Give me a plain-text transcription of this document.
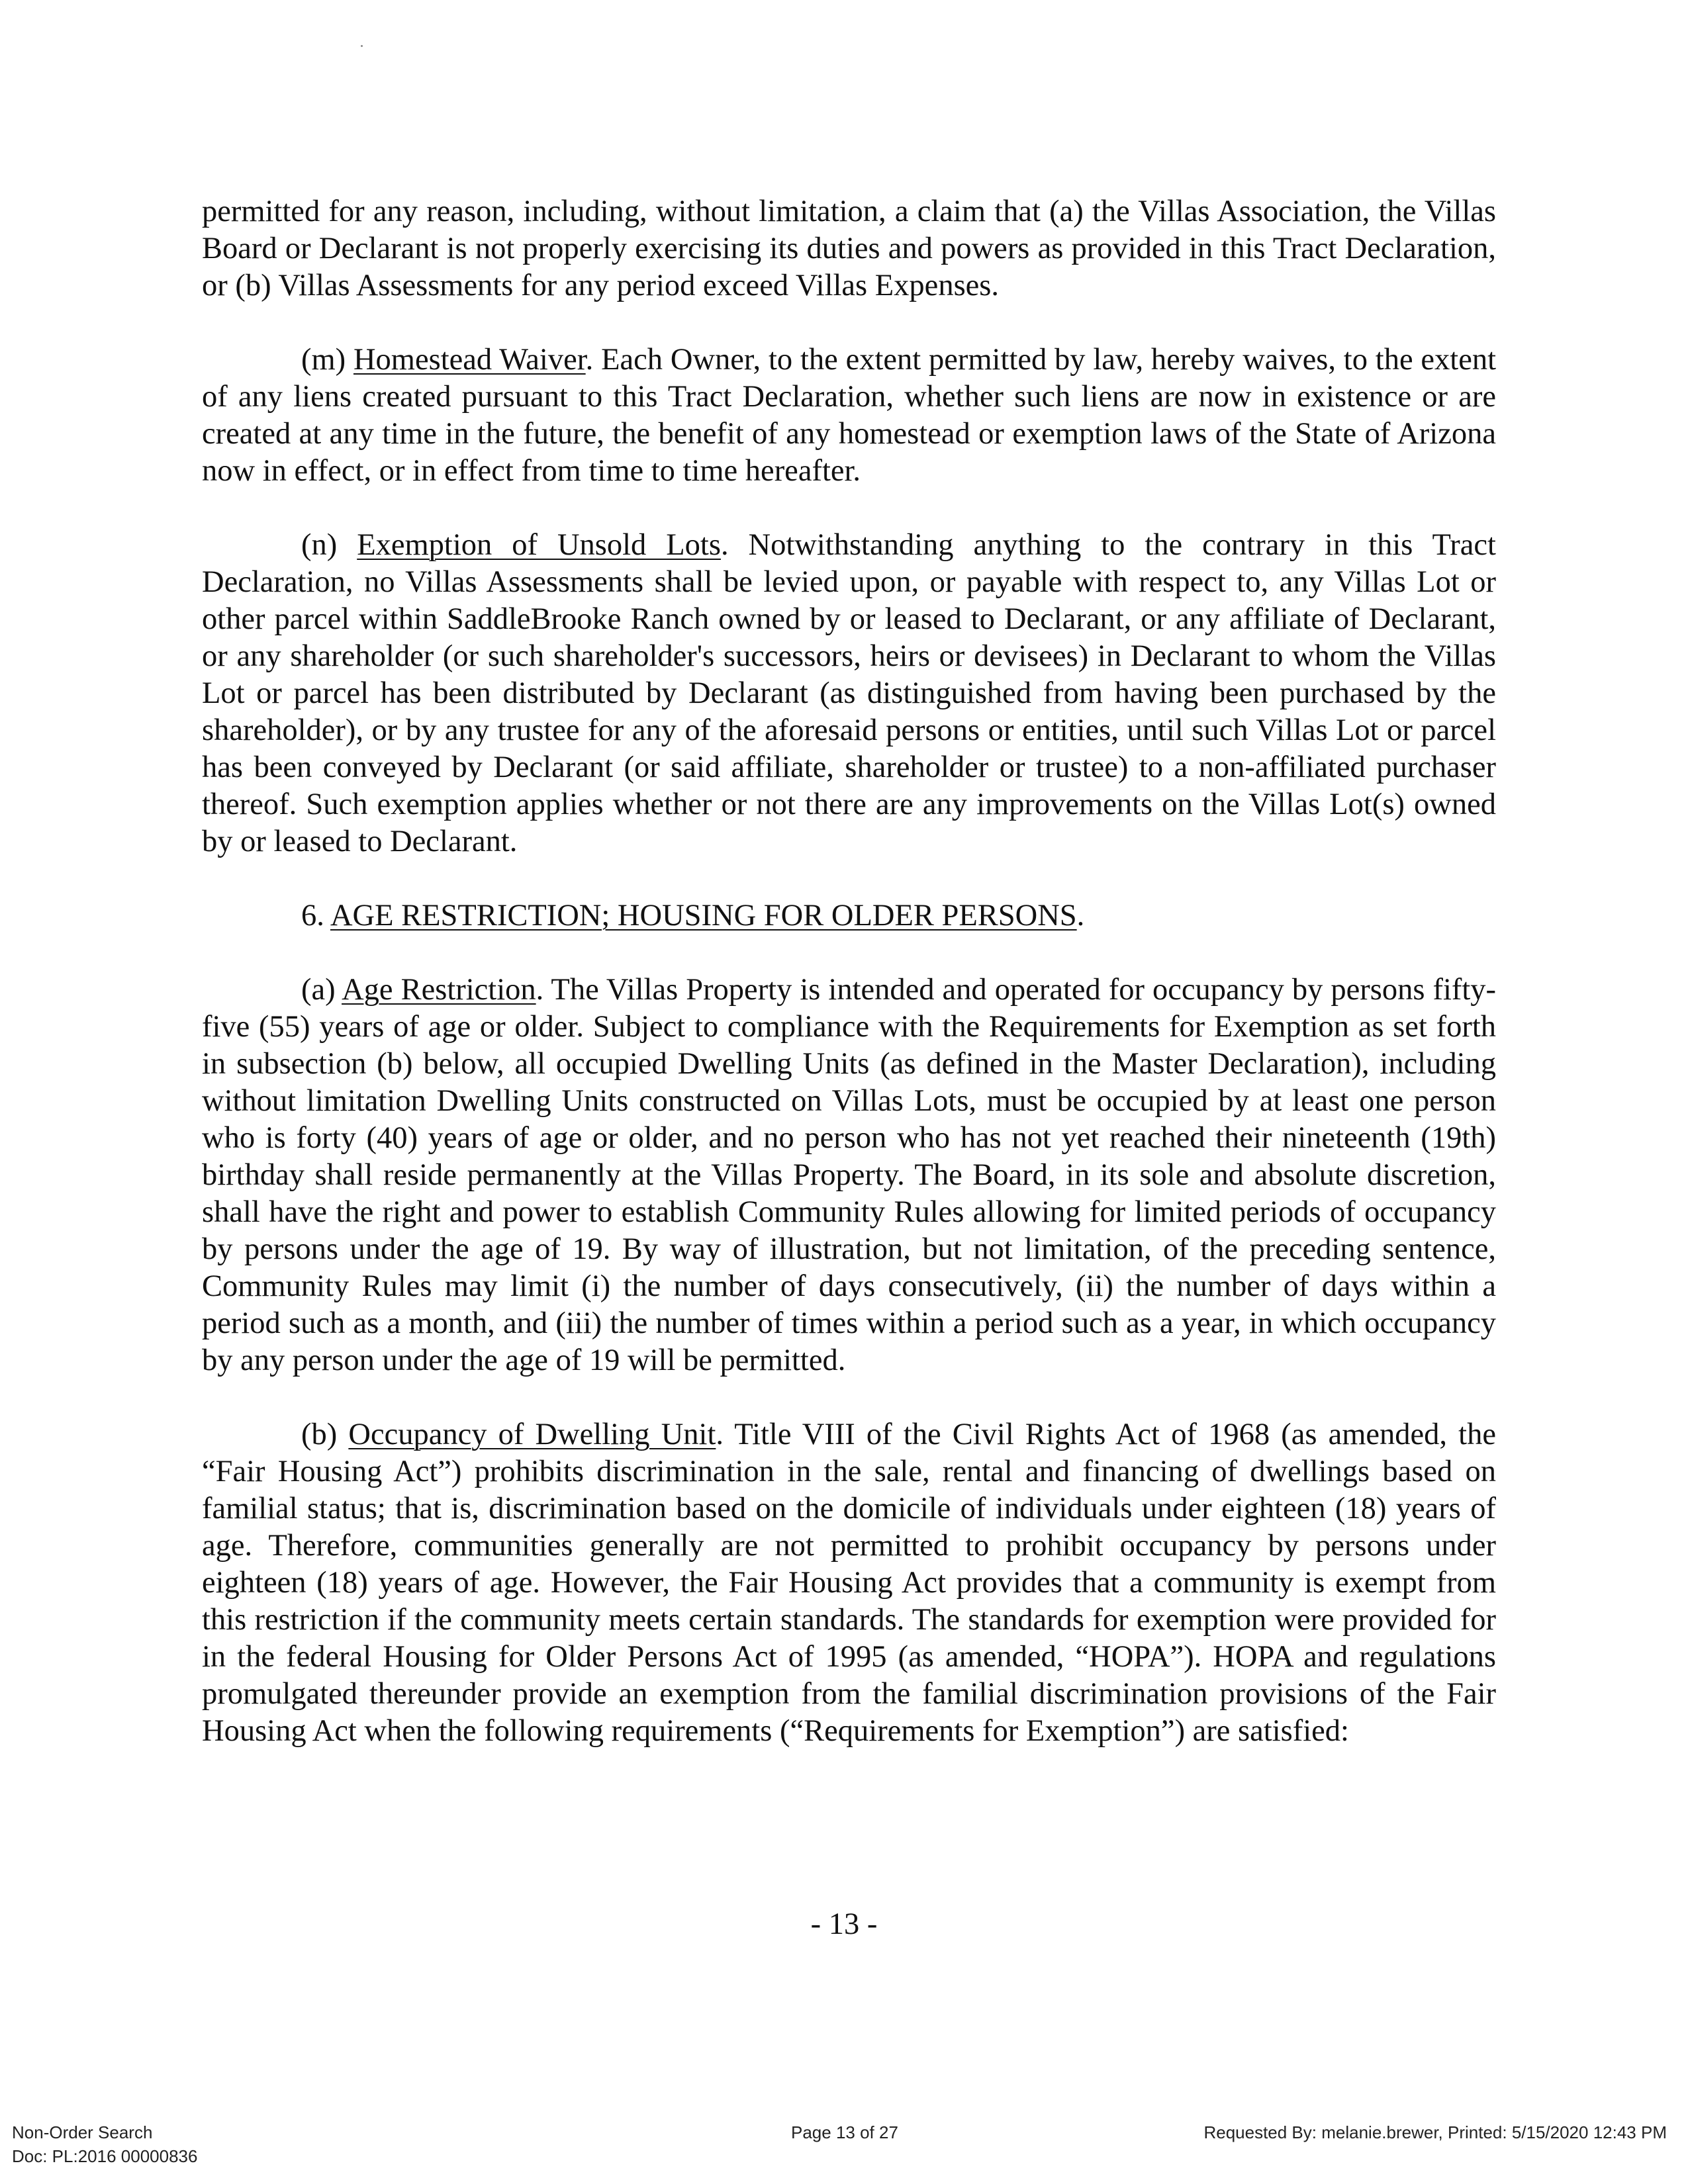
permitted for any reason, including, without limitation, a claim that (a) the Villas Association, the Villas Board or Declarant is not properly exercising its duties and powers as provided in this Tract Declaration, or (b) Villas Assessments for any period exceed Villas Expenses.

(m) Homestead Waiver. Each Owner, to the extent permitted by law, hereby waives, to the extent of any liens created pursuant to this Tract Declaration, whether such liens are now in existence or are created at any time in the future, the benefit of any homestead or exemption laws of the State of Arizona now in effect, or in effect from time to time hereafter.

(n) Exemption of Unsold Lots. Notwithstanding anything to the contrary in this Tract Declaration, no Villas Assessments shall be levied upon, or payable with respect to, any Villas Lot or other parcel within SaddleBrooke Ranch owned by or leased to Declarant, or any affiliate of Declarant, or any shareholder (or such shareholder's successors, heirs or devisees) in Declarant to whom the Villas Lot or parcel has been distributed by Declarant (as distinguished from having been purchased by the shareholder), or by any trustee for any of the aforesaid persons or entities, until such Villas Lot or parcel has been conveyed by Declarant (or said affiliate, shareholder or trustee) to a non-affiliated purchaser thereof. Such exemption applies whether or not there are any improvements on the Villas Lot(s) owned by or leased to Declarant.

6. AGE RESTRICTION; HOUSING FOR OLDER PERSONS.

(a) Age Restriction. The Villas Property is intended and operated for occupancy by persons fifty-five (55) years of age or older. Subject to compliance with the Requirements for Exemption as set forth in subsection (b) below, all occupied Dwelling Units (as defined in the Master Declaration), including without limitation Dwelling Units constructed on Villas Lots, must be occupied by at least one person who is forty (40) years of age or older, and no person who has not yet reached their nineteenth (19th) birthday shall reside permanently at the Villas Property. The Board, in its sole and absolute discretion, shall have the right and power to establish Community Rules allowing for limited periods of occupancy by persons under the age of 19. By way of illustration, but not limitation, of the preceding sentence, Community Rules may limit (i) the number of days consecutively, (ii) the number of days within a period such as a month, and (iii) the number of times within a period such as a year, in which occupancy by any person under the age of 19 will be permitted.

(b) Occupancy of Dwelling Unit. Title VIII of the Civil Rights Act of 1968 (as amended, the “Fair Housing Act”) prohibits discrimination in the sale, rental and financing of dwellings based on familial status; that is, discrimination based on the domicile of individuals under eighteen (18) years of age. Therefore, communities generally are not permitted to prohibit occupancy by persons under eighteen (18) years of age. However, the Fair Housing Act provides that a community is exempt from this restriction if the community meets certain standards. The standards for exemption were provided for in the federal Housing for Older Persons Act of 1995 (as amended, “HOPA”). HOPA and regulations promulgated thereunder provide an exemption from the familial discrimination provisions of the Fair Housing Act when the following requirements (“Requirements for Exemption”) are satisfied:

- 13 -
Non-Order Search
Doc: PL:2016 00000836
Page 13 of 27	Requested By: melanie.brewer, Printed: 5/15/2020 12:43 PM
